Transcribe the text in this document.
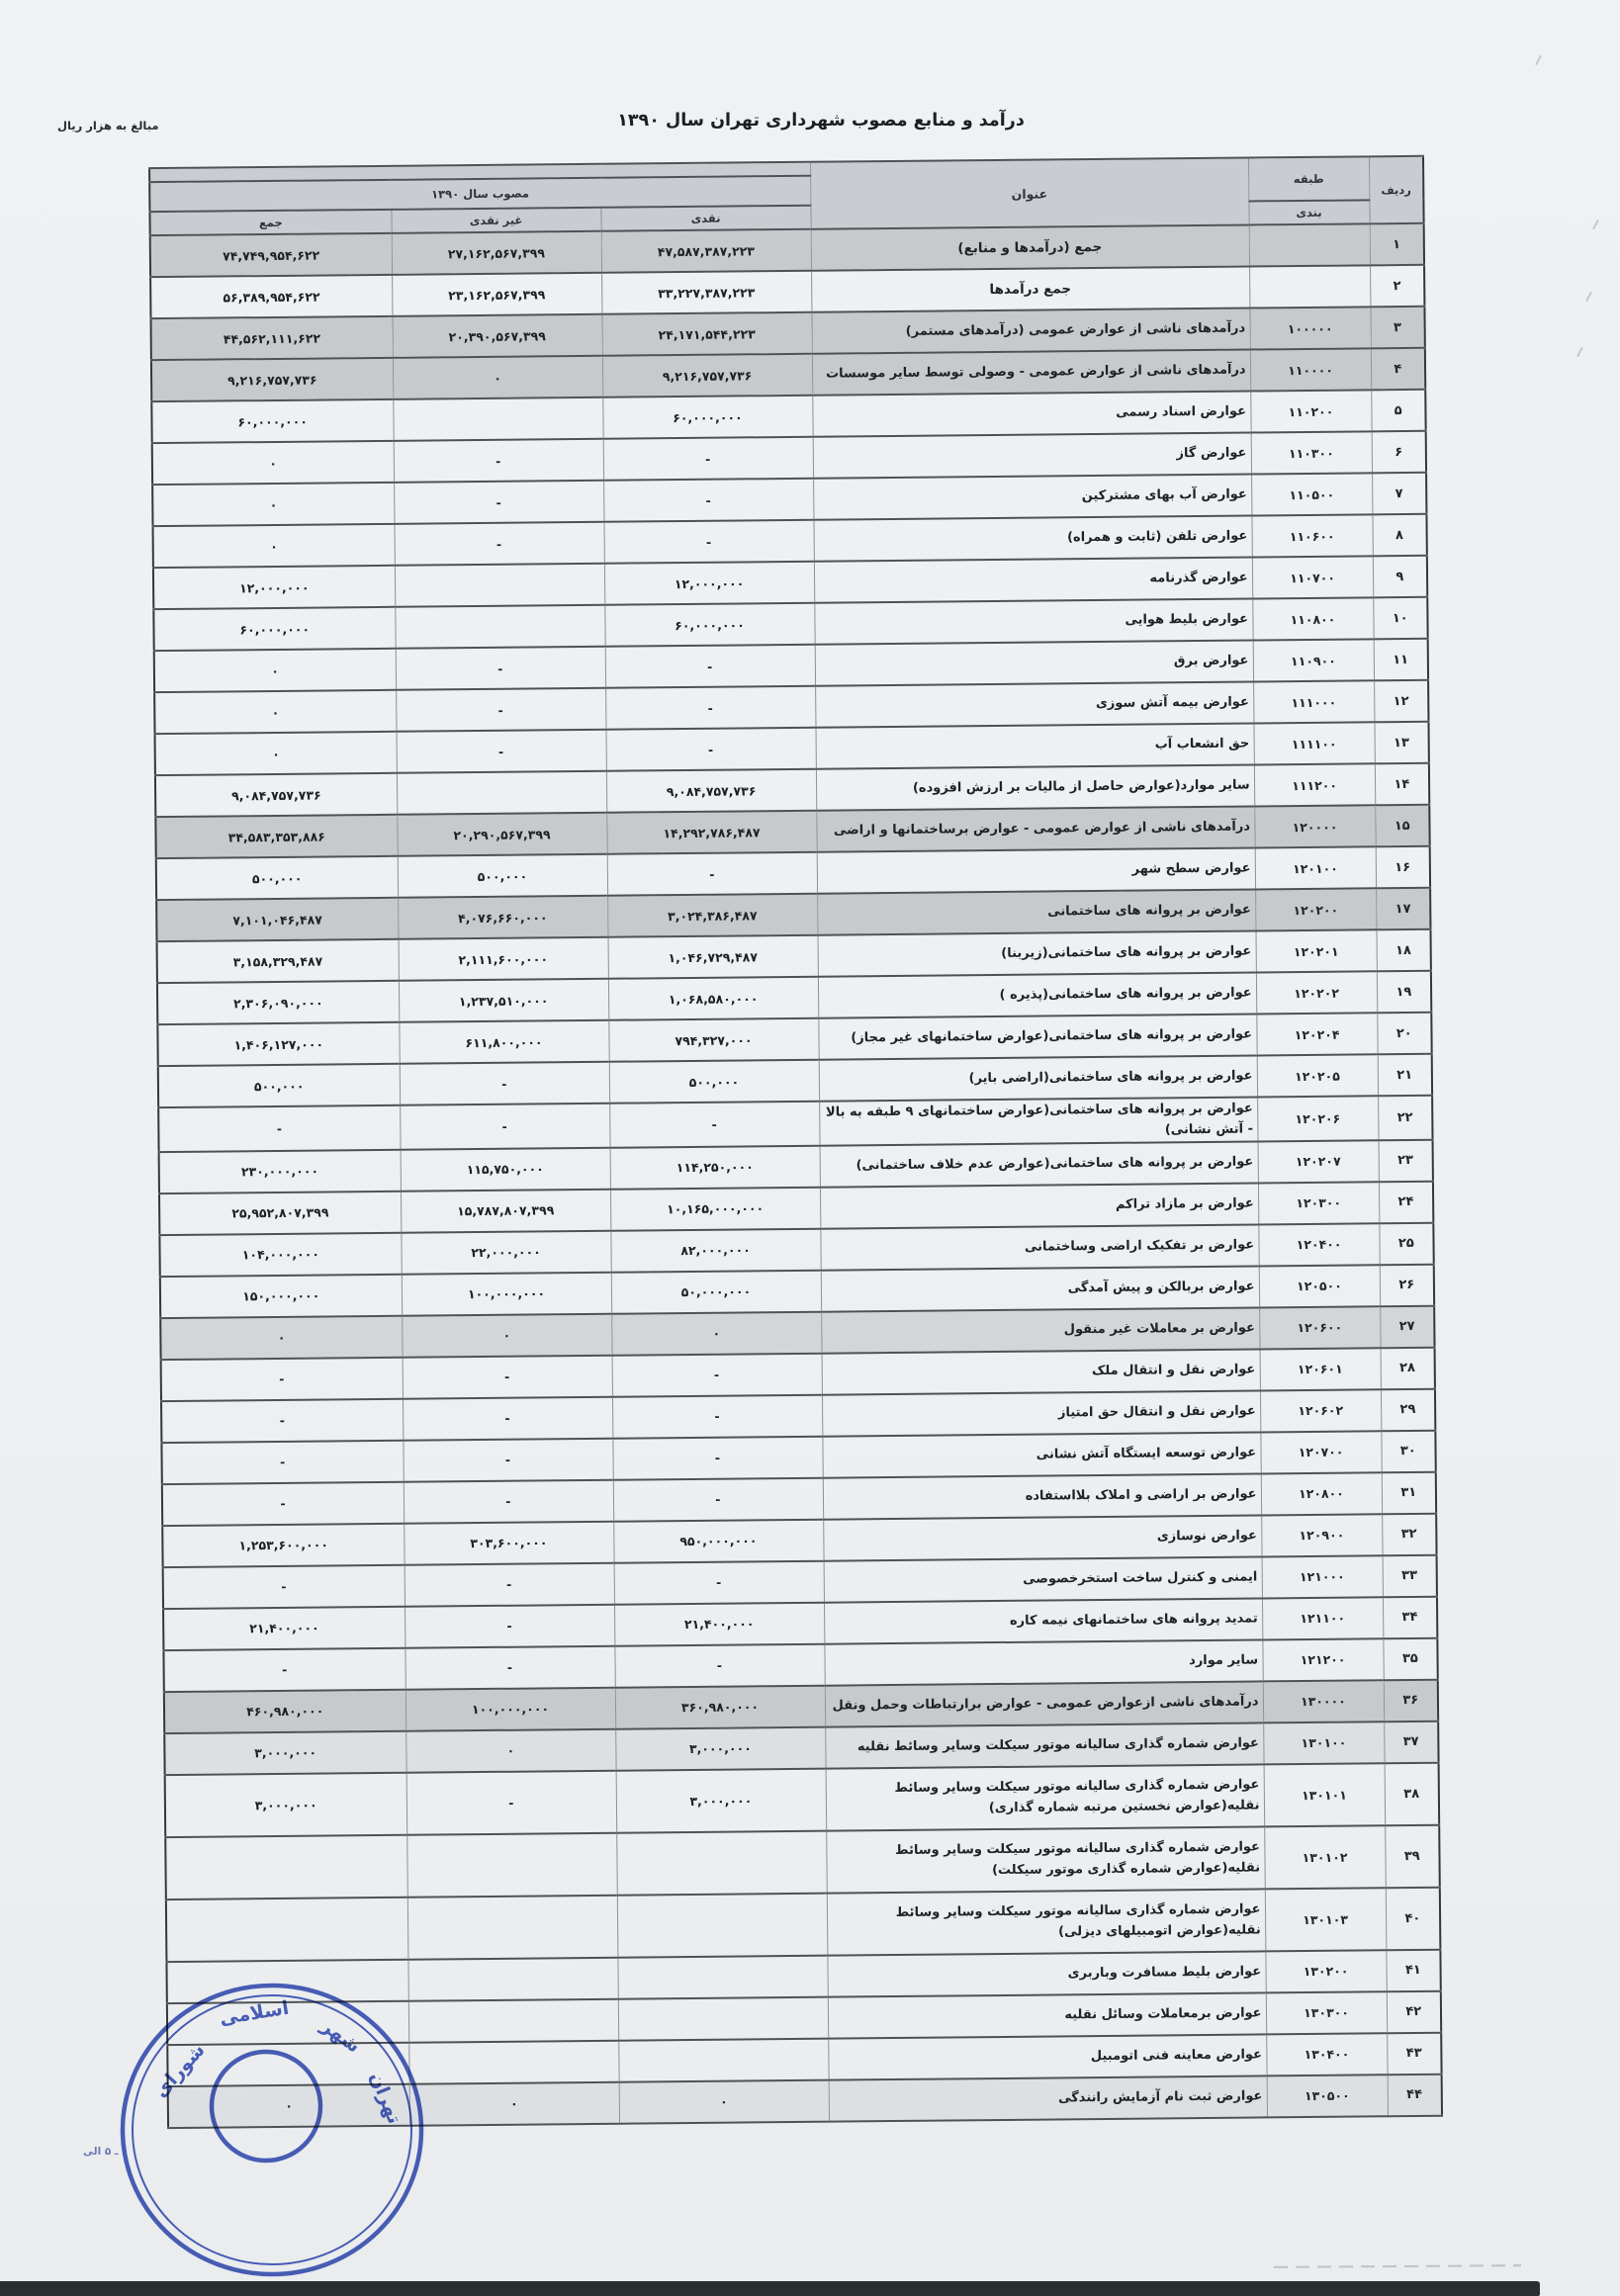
مبالغ به هزار ریال	درآمد و منابع مصوب شهرداری تهران سال ۱۳۹۰
ردیف	طبقه	عنوان			
			مصوب سال ۱۳۹۰		
	بندی		نقدی	غیر نقدی	جمع
۱		جمع (درآمدها و منابع)	۴۷,۵۸۷,۳۸۷,۲۲۳	۲۷,۱۶۲,۵۶۷,۳۹۹	۷۴,۷۴۹,۹۵۴,۶۲۲
۲		جمع درآمدها	۳۳,۲۲۷,۳۸۷,۲۲۳	۲۳,۱۶۲,۵۶۷,۳۹۹	۵۶,۳۸۹,۹۵۴,۶۲۲
۳	۱۰۰۰۰۰	درآمدهای ناشی از عوارض عمومی (درآمدهای مستمر)	۲۴,۱۷۱,۵۴۴,۲۲۳	۲۰,۳۹۰,۵۶۷,۳۹۹	۴۴,۵۶۲,۱۱۱,۶۲۲
۴	۱۱۰۰۰۰	درآمدهای ناشی از عوارض عمومی - وصولی توسط سایر موسسات	۹,۲۱۶,۷۵۷,۷۳۶	۰	۹,۲۱۶,۷۵۷,۷۳۶
۵	۱۱۰۲۰۰	عوارض اسناد رسمی	۶۰,۰۰۰,۰۰۰		۶۰,۰۰۰,۰۰۰
۶	۱۱۰۳۰۰	عوارض گاز	-	-	۰
۷	۱۱۰۵۰۰	عوارض آب بهای مشترکین	-	-	۰
۸	۱۱۰۶۰۰	عوارض تلفن (ثابت و همراه)	-	-	۰
۹	۱۱۰۷۰۰	عوارض گذرنامه	۱۲,۰۰۰,۰۰۰		۱۲,۰۰۰,۰۰۰
۱۰	۱۱۰۸۰۰	عوارض بلیط هوایی	۶۰,۰۰۰,۰۰۰		۶۰,۰۰۰,۰۰۰
۱۱	۱۱۰۹۰۰	عوارض برق	-	-	۰
۱۲	۱۱۱۰۰۰	عوارض بیمه آتش سوزی	-	-	۰
۱۳	۱۱۱۱۰۰	حق انشعاب آب	-	-	۰
۱۴	۱۱۱۲۰۰	سایر موارد(عوارض حاصل از مالیات بر ارزش افزوده)	۹,۰۸۴,۷۵۷,۷۳۶		۹,۰۸۴,۷۵۷,۷۳۶
۱۵	۱۲۰۰۰۰	درآمدهای ناشی از عوارض عمومی - عوارض برساختمانها و اراضی	۱۴,۲۹۲,۷۸۶,۴۸۷	۲۰,۲۹۰,۵۶۷,۳۹۹	۳۴,۵۸۳,۳۵۳,۸۸۶
۱۶	۱۲۰۱۰۰	عوارض سطح شهر	-	۵۰۰,۰۰۰	۵۰۰,۰۰۰
۱۷	۱۲۰۲۰۰	عوارض بر پروانه های ساختمانی	۳,۰۲۴,۳۸۶,۴۸۷	۴,۰۷۶,۶۶۰,۰۰۰	۷,۱۰۱,۰۴۶,۴۸۷
۱۸	۱۲۰۲۰۱	عوارض بر پروانه های ساختمانی(زیربنا)	۱,۰۴۶,۷۲۹,۴۸۷	۲,۱۱۱,۶۰۰,۰۰۰	۳,۱۵۸,۳۲۹,۴۸۷
۱۹	۱۲۰۲۰۲	عوارض بر پروانه های ساختمانی(پذیره )	۱,۰۶۸,۵۸۰,۰۰۰	۱,۲۳۷,۵۱۰,۰۰۰	۲,۳۰۶,۰۹۰,۰۰۰
۲۰	۱۲۰۲۰۴	عوارض بر پروانه های ساختمانی(عوارض ساختمانهای غیر مجاز)	۷۹۴,۳۲۷,۰۰۰	۶۱۱,۸۰۰,۰۰۰	۱,۴۰۶,۱۲۷,۰۰۰
۲۱	۱۲۰۲۰۵	عوارض بر پروانه های ساختمانی(اراضی بایر)	۵۰۰,۰۰۰	-	۵۰۰,۰۰۰
۲۲	۱۲۰۲۰۶	عوارض بر پروانه های ساختمانی(عوارض ساختمانهای ۹ طبقه به بالا - آتش نشانی)	-	-	-
۲۳	۱۲۰۲۰۷	عوارض بر پروانه های ساختمانی(عوارض عدم خلاف ساختمانی)	۱۱۴,۲۵۰,۰۰۰	۱۱۵,۷۵۰,۰۰۰	۲۳۰,۰۰۰,۰۰۰
۲۴	۱۲۰۳۰۰	عوارض بر مازاد تراکم	۱۰,۱۶۵,۰۰۰,۰۰۰	۱۵,۷۸۷,۸۰۷,۳۹۹	۲۵,۹۵۲,۸۰۷,۳۹۹
۲۵	۱۲۰۴۰۰	عوارض بر تفکیک اراضی وساختمانی	۸۲,۰۰۰,۰۰۰	۲۲,۰۰۰,۰۰۰	۱۰۴,۰۰۰,۰۰۰
۲۶	۱۲۰۵۰۰	عوارض بربالکن و پیش آمدگی	۵۰,۰۰۰,۰۰۰	۱۰۰,۰۰۰,۰۰۰	۱۵۰,۰۰۰,۰۰۰
۲۷	۱۲۰۶۰۰	عوارض بر معاملات غیر منقول	۰	۰	۰
۲۸	۱۲۰۶۰۱	عوارض نقل و انتقال ملک	-	-	-
۲۹	۱۲۰۶۰۲	عوارض نقل و انتقال حق امتیاز	-	-	-
۳۰	۱۲۰۷۰۰	عوارض توسعه ایستگاه آتش نشانی	-	-	-
۳۱	۱۲۰۸۰۰	عوارض بر اراضی و املاک بلااستفاده	-	-	-
۳۲	۱۲۰۹۰۰	عوارض نوسازی	۹۵۰,۰۰۰,۰۰۰	۳۰۳,۶۰۰,۰۰۰	۱,۲۵۳,۶۰۰,۰۰۰
۳۳	۱۲۱۰۰۰	ایمنی و کنترل ساخت استخرخصوصی	-	-	-
۳۴	۱۲۱۱۰۰	تمدید پروانه های ساختمانهای نیمه کاره	۲۱,۴۰۰,۰۰۰	-	۲۱,۴۰۰,۰۰۰
۳۵	۱۲۱۲۰۰	سایر موارد	-	-	-
۳۶	۱۳۰۰۰۰	درآمدهای ناشی ازعوارض عمومی - عوارض برارتباطات وحمل ونقل	۳۶۰,۹۸۰,۰۰۰	۱۰۰,۰۰۰,۰۰۰	۴۶۰,۹۸۰,۰۰۰
۳۷	۱۳۰۱۰۰	عوارض شماره گذاری سالیانه موتور سیکلت وسایر وسائط نقلیه	۳,۰۰۰,۰۰۰	۰	۳,۰۰۰,۰۰۰
۳۸	۱۳۰۱۰۱	عوارض شماره گذاری سالیانه موتور سیکلت وسایر وسائط نقلیه(عوارض نخستین مرتبه شماره گذاری)	۳,۰۰۰,۰۰۰	-	۳,۰۰۰,۰۰۰
۳۹	۱۳۰۱۰۲	عوارض شماره گذاری سالیانه موتور سیکلت وسایر وسائط نقلیه(عوارض شماره گذاری موتور سیکلت)			
۴۰	۱۳۰۱۰۳	عوارض شماره گذاری سالیانه موتور سیکلت وسایر وسائط نقلیه(عوارض اتومبیلهای دیزلی)			
۴۱	۱۳۰۲۰۰	عوارض بلیط مسافرت وباربری			
۴۲	۱۳۰۳۰۰	عوارض برمعاملات وسائل نقلیه			
۴۳	۱۳۰۴۰۰	عوارض معاینه فنی اتومبیل			
۴۴	۱۳۰۵۰۰	عوارض ثبت نام آزمایش رانندگی	۰	۰	۰
شورای
اسلامی
شهر
تهران
ـ ۵ الی
